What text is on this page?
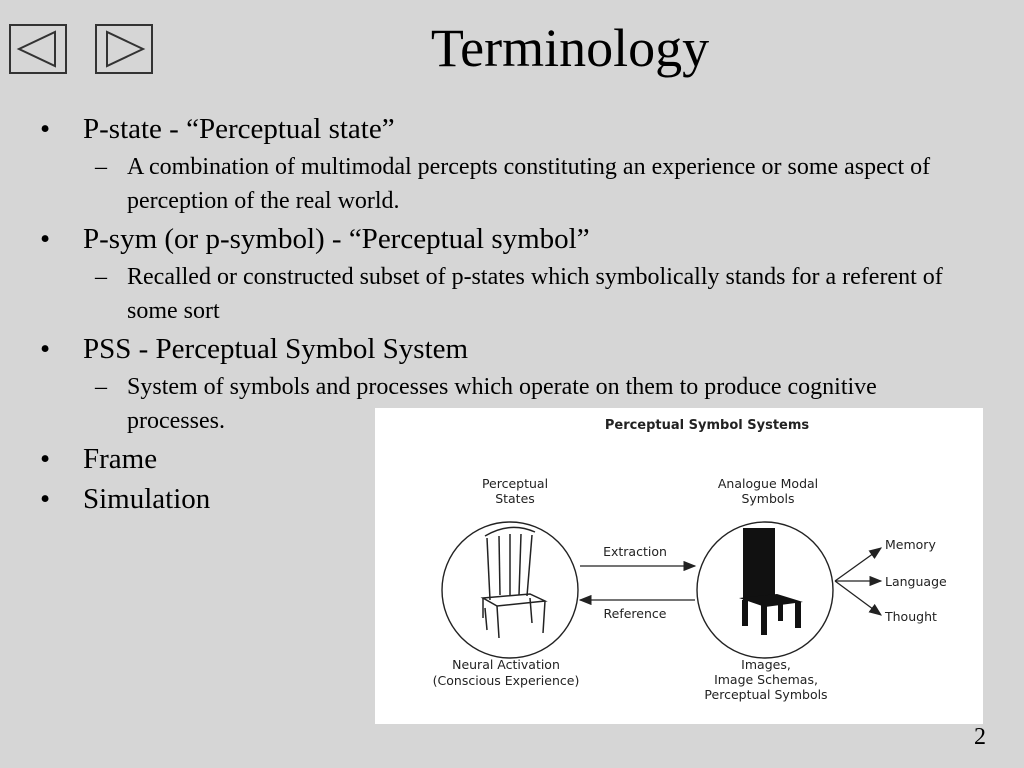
Terminology
• P-state - “Perceptual state”
– A combination of multimodal percepts constituting an experience or some aspect of perception of the real world.
• P-sym (or p-symbol) - “Perceptual symbol”
– Recalled or constructed subset of p-states which symbolically stands for a referent of some sort
• PSS - Perceptual Symbol System
– System of symbols and processes which operate on them to produce cognitive processes.
• Frame
• Simulation
Perceptual Symbol Systems
Perceptual
States
Analogue Modal
Symbols
Extraction
Reference
Memory
Language
Thought
Neural Activation
(Conscious Experience)
Images,
Image Schemas,
Perceptual Symbols
2
